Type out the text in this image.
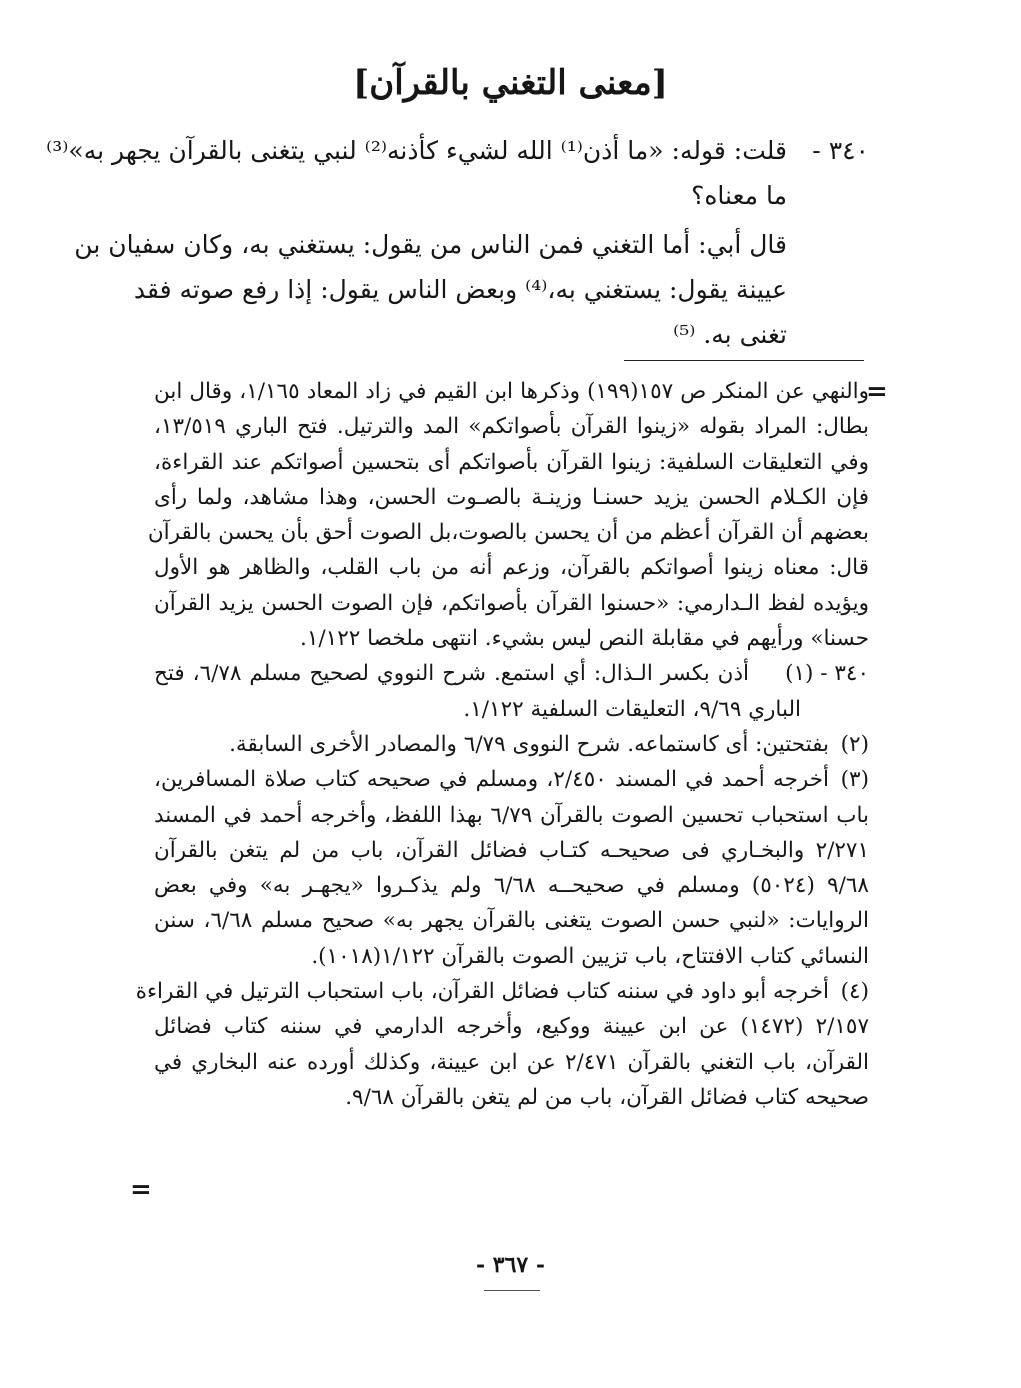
[معنى التغني بالقرآن]
٣٤٠ -
قلت: قوله: «ما أذن⁽¹⁾ الله لشيء كأذنه⁽²⁾ لنبي يتغنى بالقرآن يجهر به»⁽³⁾
ما معناه؟
قال أبي: أما التغني فمن الناس من يقول: يستغني به، وكان سفيان بن
عيينة يقول: يستغني به،⁽⁴⁾ وبعض الناس يقول: إذا رفع صوته فقد
تغنى به. ⁽⁵⁾
=
والنهي عن المنكر ص ١٥٧(١٩٩) وذكرها ابن القيم في زاد المعاد ١/١٦٥، وقال ابن
بطال: المراد بقوله «زينوا القرآن بأصواتكم» المد والترتيل. فتح الباري ١٣/٥١٩،
وفي التعليقات السلفية: زينوا القرآن بأصواتكم أى بتحسين أصواتكم عند القراءة،
فإن الكـلام الحسن يزيد حسنـا وزينـة بالصـوت الحسن، وهذا مشاهد، ولما رأى
بعضهم أن القرآن أعظم من أن يحسن بالصوت،بل الصوت أحق بأن يحسن بالقرآن
قال: معناه زينوا أصواتكم بالقرآن، وزعم أنه من باب القلب، والظاهر هو الأول
ويؤيده لفظ الـدارمي: «حسنوا القرآن بأصواتكم، فإن الصوت الحسن يزيد القرآن
حسنا» ورأيهم في مقابلة النص ليس بشيء. انتهى ملخصا ١/١٢٢.
٣٤٠ - (١)أذن بكسر الـذال: أي استمع. شرح النووي لصحيح مسلم ٦/٧٨، فتح
الباري ٩/٦٩، التعليقات السلفية ١/١٢٢.
(٢)بفتحتين: أى كاستماعه. شرح النووى ٦/٧٩ والمصادر الأخرى السابقة.
(٣)أخرجه أحمد في المسند ٢/٤٥٠، ومسلم في صحيحه كتاب صلاة المسافرين،
باب استحباب تحسين الصوت بالقرآن ٦/٧٩ بهذا اللفظ، وأخرجه أحمد في المسند
٢/٢٧١ والبخـاري فى صحيحـه كتـاب فضائل القرآن، باب من لم يتغن بالقرآن
٩/٦٨ (٥٠٢٤) ومسلم في صحيحــه ٦/٦٨ ولم يذكـروا «يجهـر به» وفي بعض
الروايات: «لنبي حسن الصوت يتغنى بالقرآن يجهر به» صحيح مسلم ٦/٦٨، سنن
النسائي كتاب الافتتاح، باب تزيين الصوت بالقرآن ١/١٢٢(١٠١٨).
(٤)أخرجه أبو داود في سننه كتاب فضائل القرآن، باب استحباب الترتيل في القراءة
٢/١٥٧ (١٤٧٢) عن ابن عيينة ووكيع، وأخرجه الدارمي في سننه كتاب فضائل
القرآن، باب التغني بالقرآن ٢/٤٧١ عن ابن عيينة، وكذلك أورده عنه البخاري في
صحيحه كتاب فضائل القرآن، باب من لم يتغن بالقرآن ٩/٦٨.
=
- ٣٦٧ -
